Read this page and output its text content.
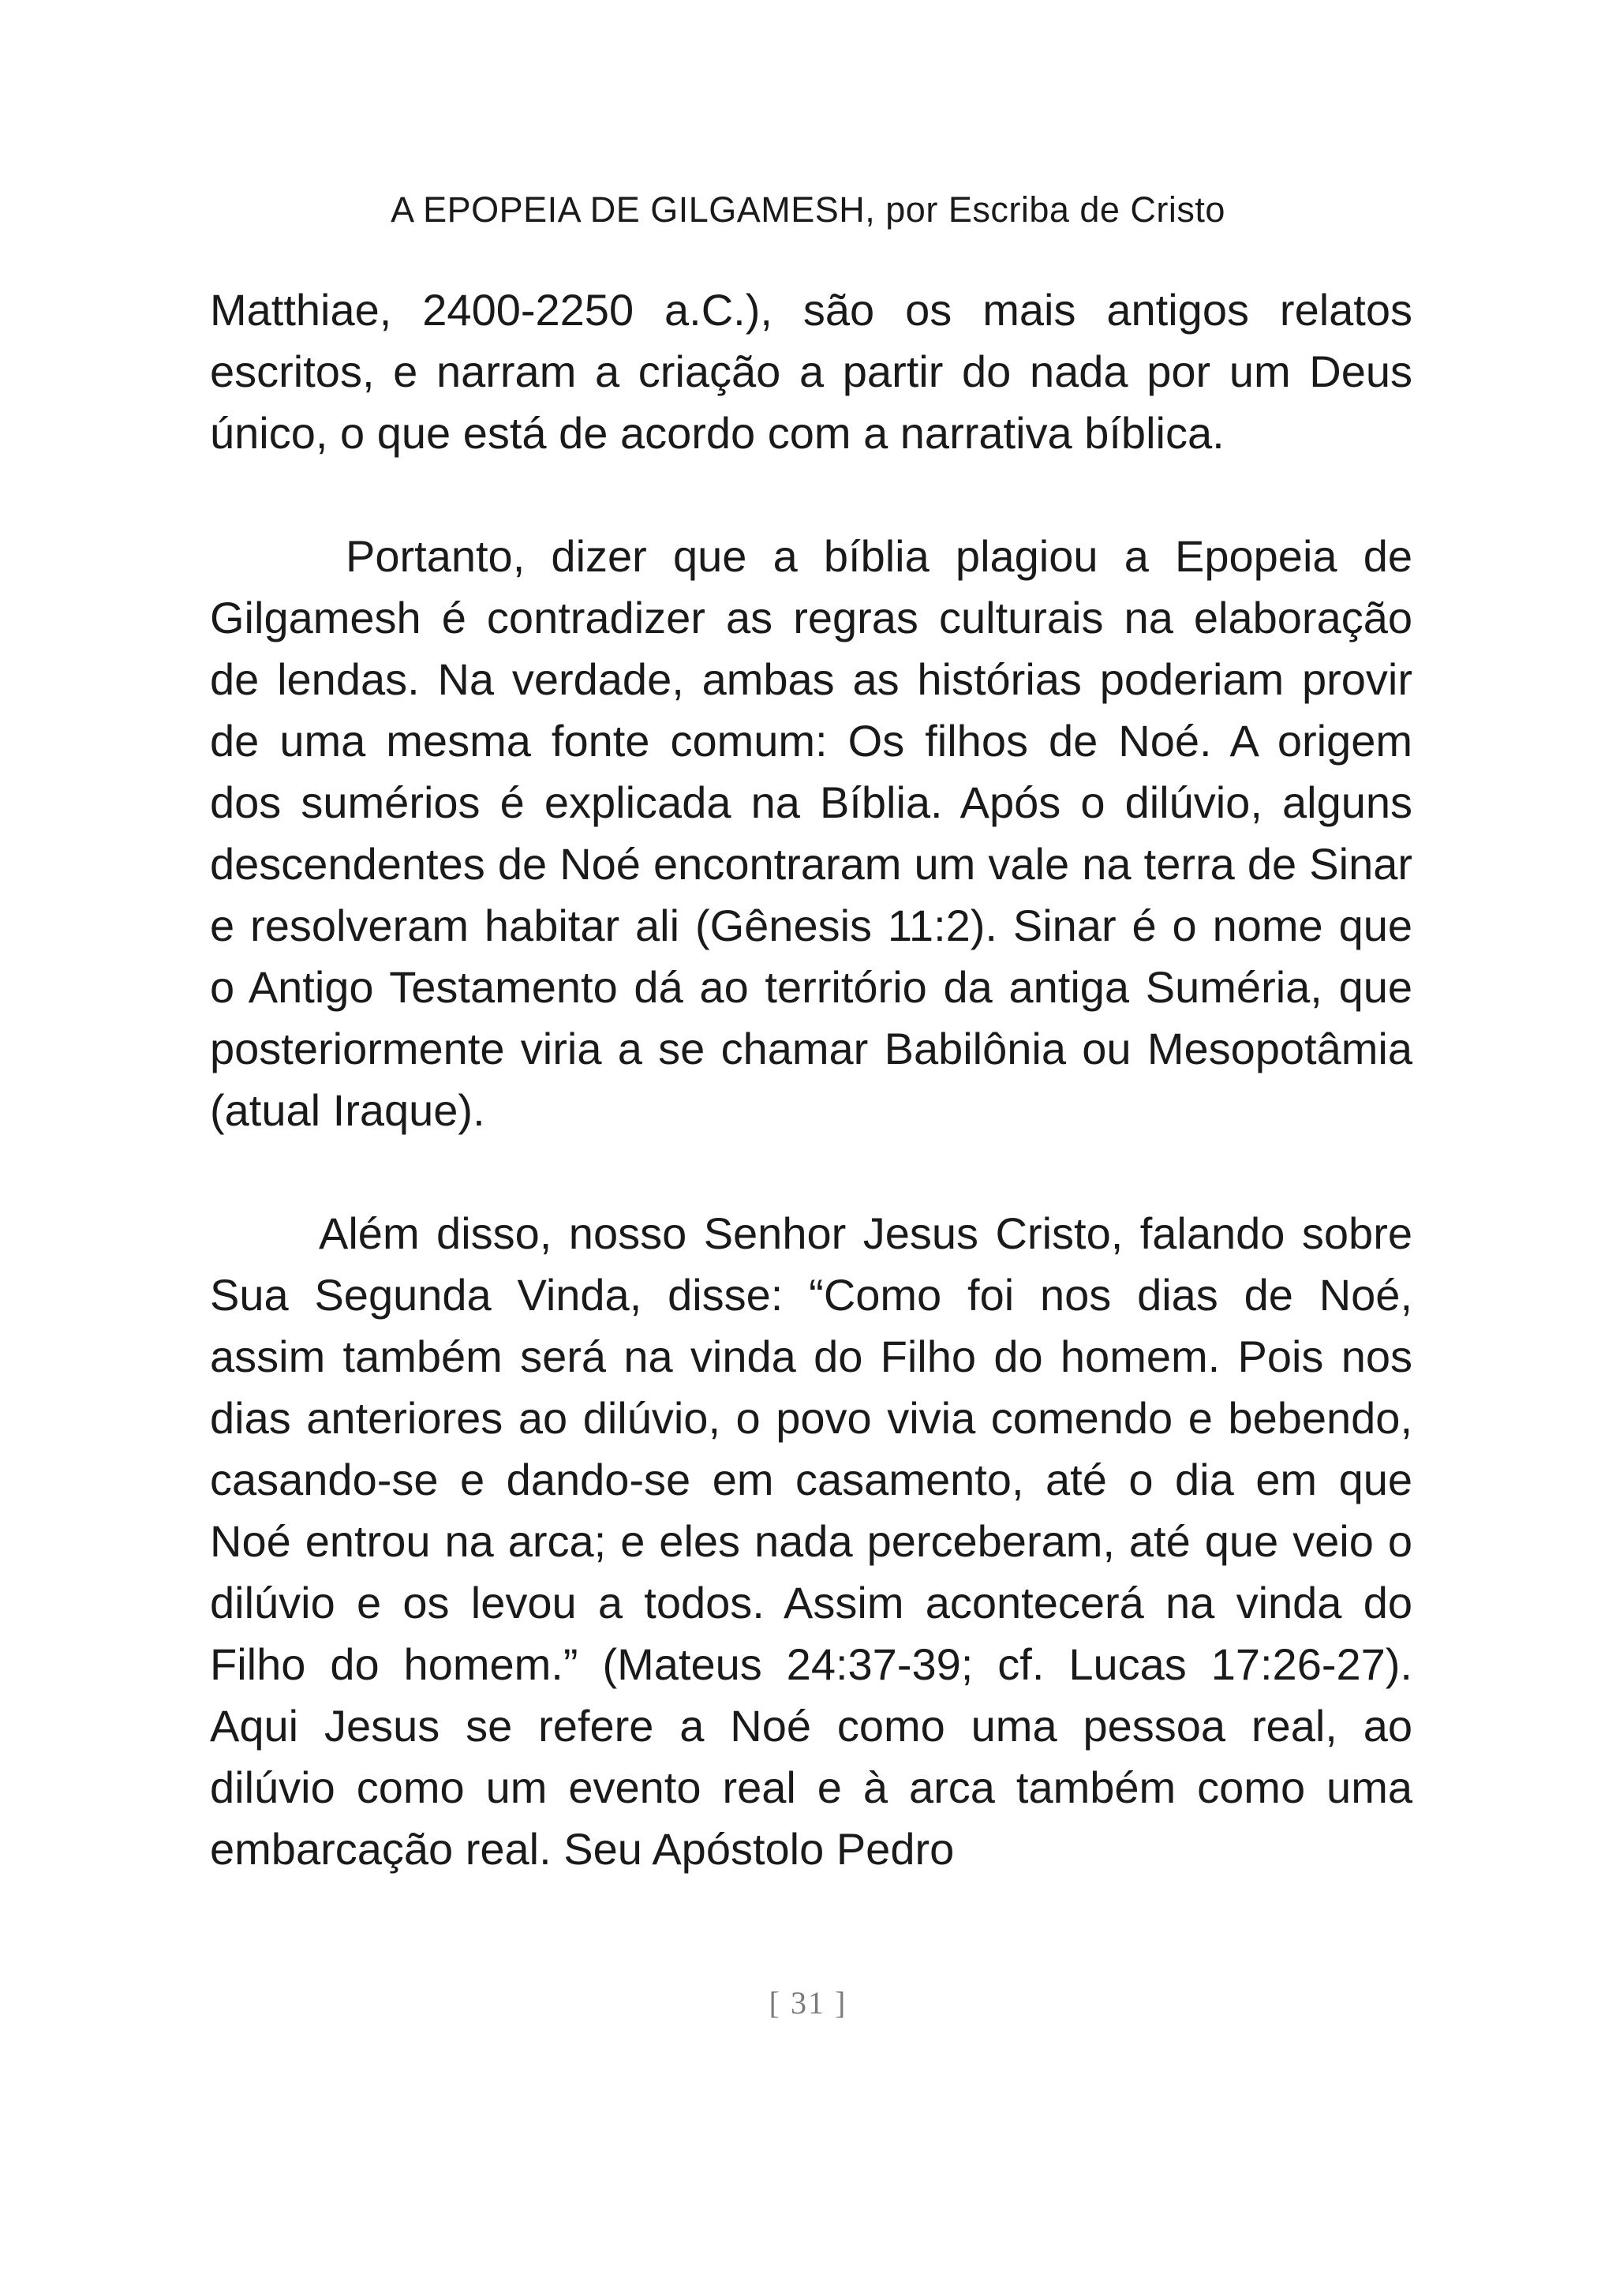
A EPOPEIA DE GILGAMESH, por Escriba de Cristo

Matthiae, 2400-2250 a.C.), são os mais antigos relatos escritos, e narram a criação a partir do nada por um Deus único, o que está de acordo com a narrativa bíblica.

Portanto, dizer que a bíblia plagiou a Epopeia de Gilgamesh é contradizer as regras culturais na elaboração de lendas. Na verdade, ambas as histórias poderiam provir de uma mesma fonte comum: Os filhos de Noé. A origem dos sumérios é explicada na Bíblia. Após o dilúvio, alguns descendentes de Noé encontraram um vale na terra de Sinar e resolveram habitar ali (Gênesis 11:2). Sinar é o nome que o Antigo Testamento dá ao território da antiga Suméria, que posteriormente viria a se chamar Babilônia ou Mesopotâmia (atual Iraque).

Além disso, nosso Senhor Jesus Cristo, falando sobre Sua Segunda Vinda, disse: “Como foi nos dias de Noé, assim também será na vinda do Filho do homem. Pois nos dias anteriores ao dilúvio, o povo vivia comendo e bebendo, casando-se e dando-se em casamento, até o dia em que Noé entrou na arca; e eles nada perceberam, até que veio o dilúvio e os levou a todos. Assim acontecerá na vinda do Filho do homem.” (Mateus 24:37-39; cf. Lucas 17:26-27). Aqui Jesus se refere a Noé como uma pessoa real, ao dilúvio como um evento real e à arca também como uma embarcação real. Seu Apóstolo Pedro

[ 31 ]
